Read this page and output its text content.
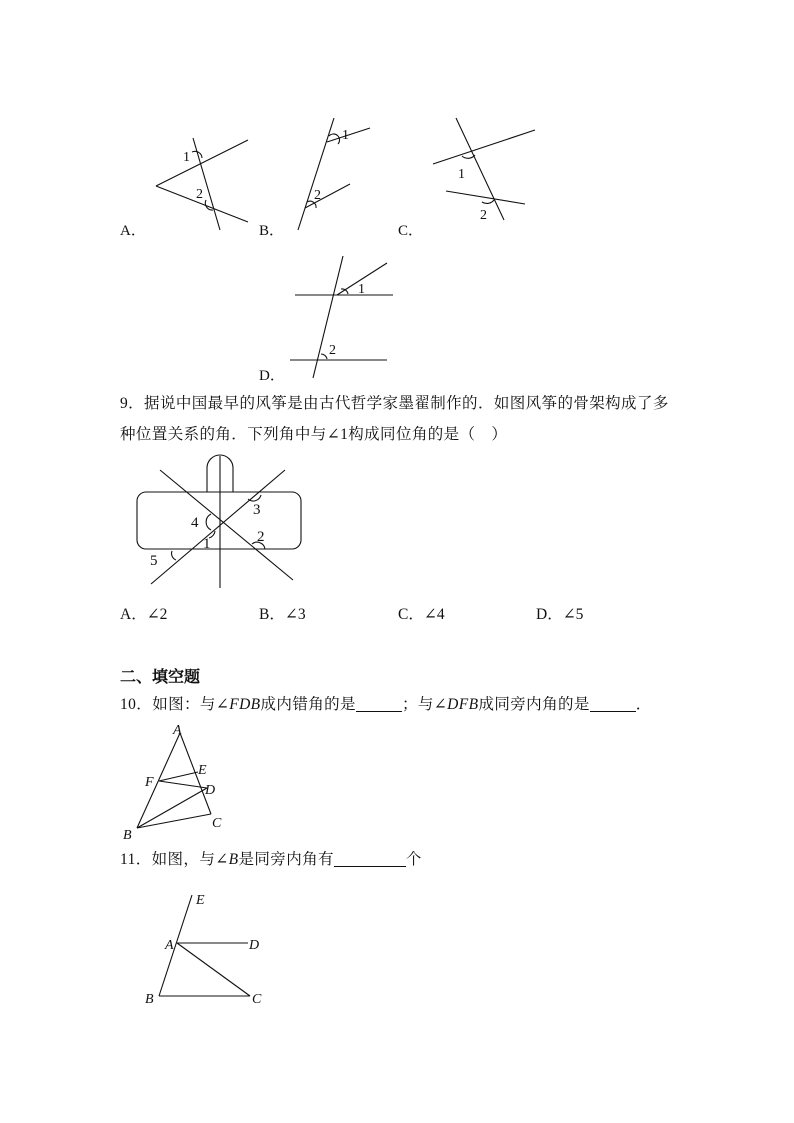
A．
1
2
B．
1
2
C．
1
2
D．
1
2
9．据说中国最早的风筝是由古代哲学家墨翟制作的．如图风筝的骨架构成了多
种位置关系的角．下列角中与∠1构成同位角的是（　）
4
1
3
2
5
A．∠2	B．∠3	C．∠4	D．∠5
二、填空题
10．如图：与∠FDB成内错角的是	；与∠DFB成同旁内角的是	．
A
E
F
D
B
C
11．如图，与∠B是同旁内角有	个
E
A	D
B	C
